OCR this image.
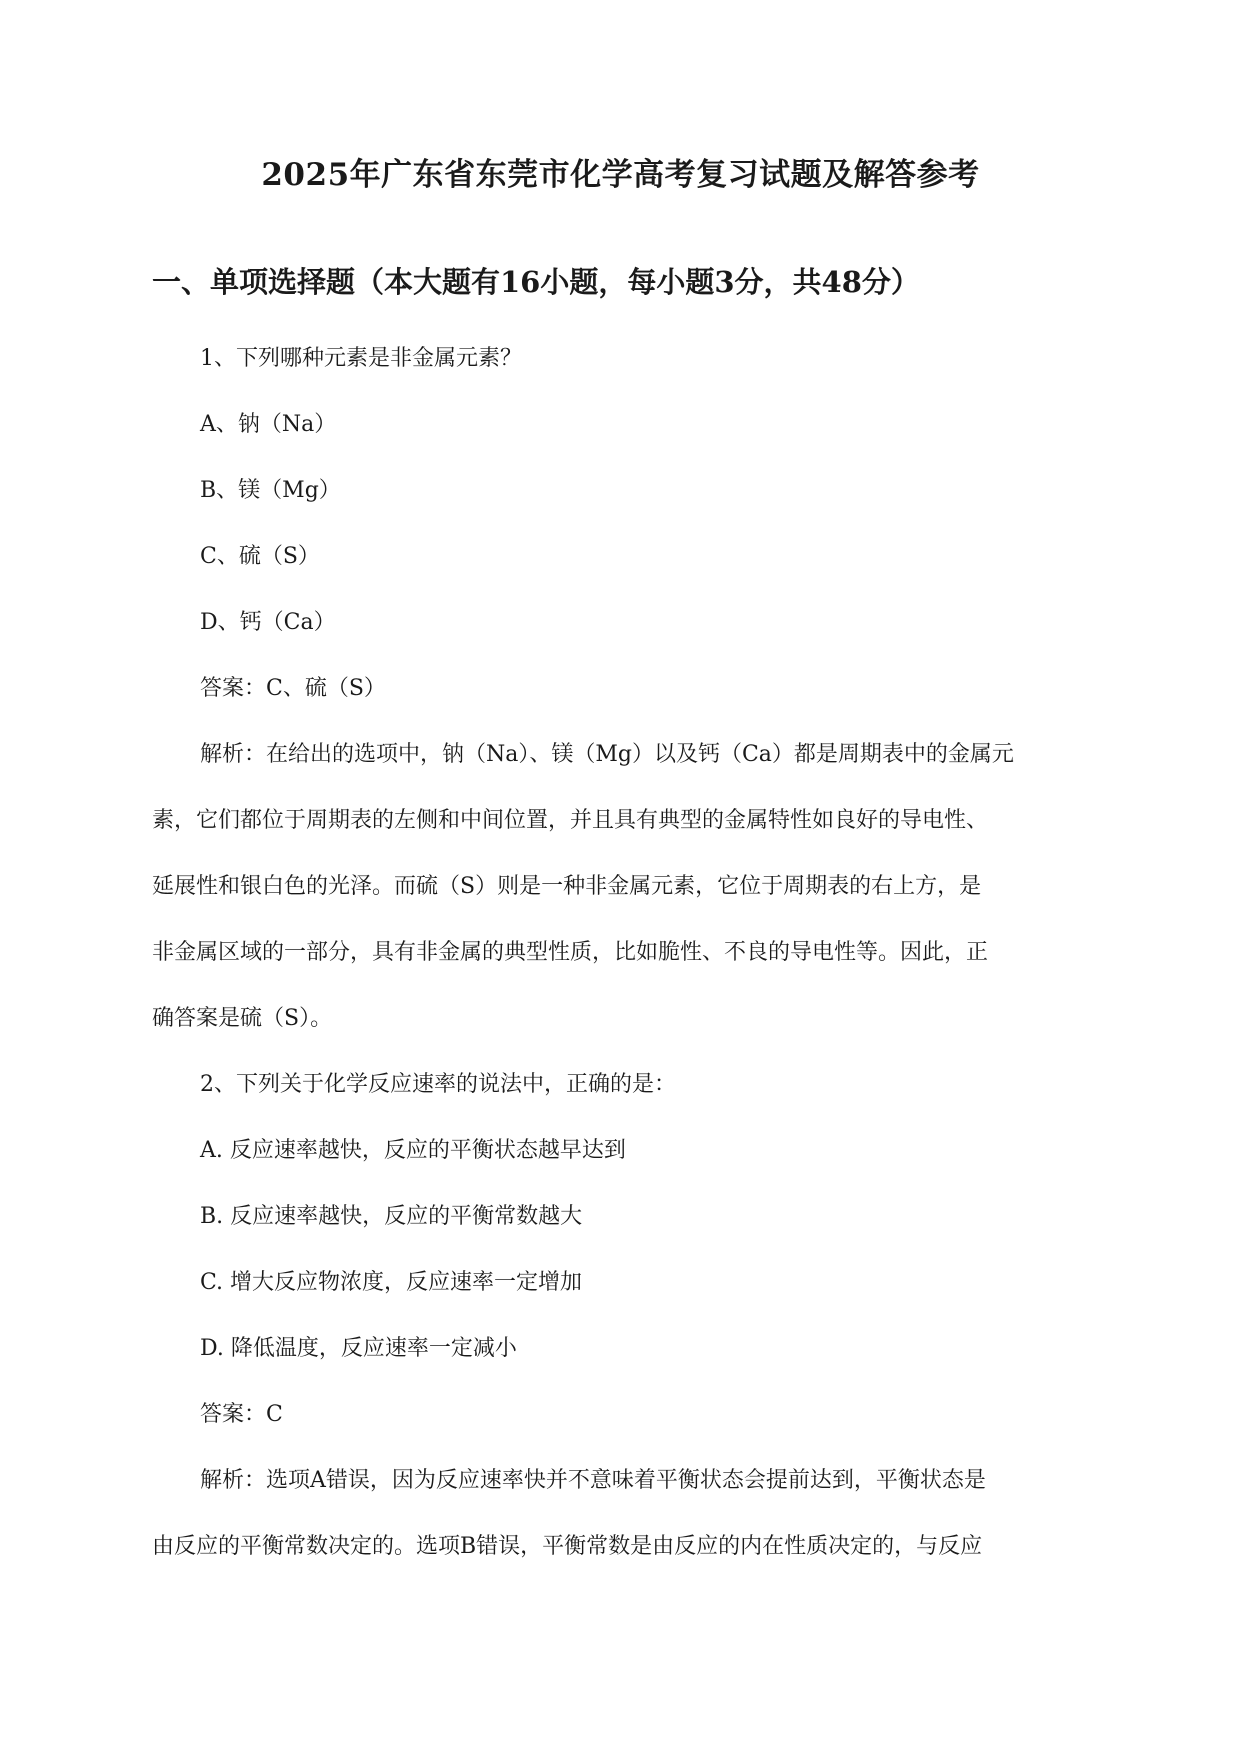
2025年广东省东莞市化学高考复习试题及解答参考
一、单项选择题（本大题有16小题，每小题3分，共48分）
1、下列哪种元素是非金属元素？
A、钠（Na）
B、镁（Mg）
C、硫（S）
D、钙（Ca）
答案：C、硫（S）
解析：在给出的选项中，钠（Na）、镁（Mg）以及钙（Ca）都是周期表中的金属元
素，它们都位于周期表的左侧和中间位置，并且具有典型的金属特性如良好的导电性、
延展性和银白色的光泽。而硫（S）则是一种非金属元素，它位于周期表的右上方，是
非金属区域的一部分，具有非金属的典型性质，比如脆性、不良的导电性等。因此，正
确答案是硫（S）。
2、下列关于化学反应速率的说法中，正确的是：
A. 反应速率越快，反应的平衡状态越早达到
B. 反应速率越快，反应的平衡常数越大
C. 增大反应物浓度，反应速率一定增加
D. 降低温度，反应速率一定减小
答案：C
解析：选项A错误，因为反应速率快并不意味着平衡状态会提前达到，平衡状态是
由反应的平衡常数决定的。选项B错误，平衡常数是由反应的内在性质决定的，与反应
